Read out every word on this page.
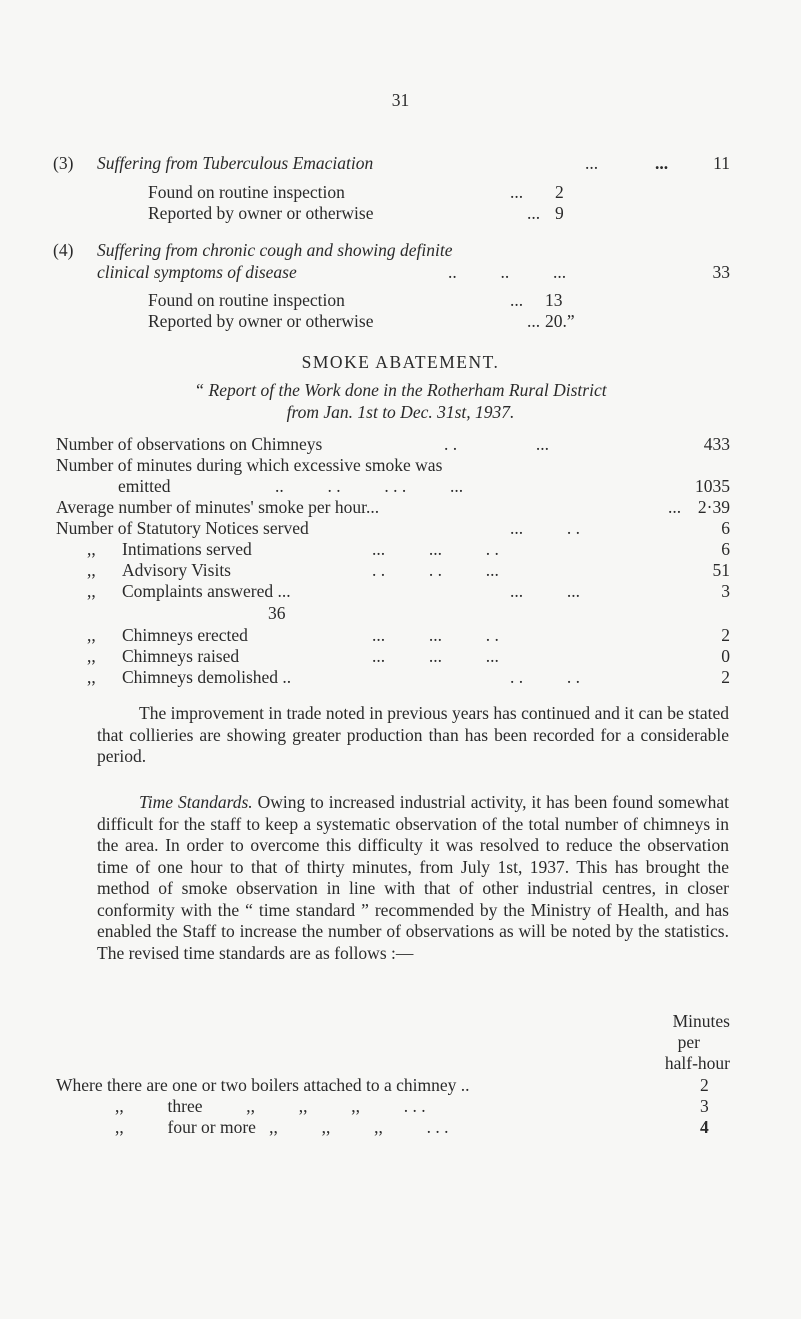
31
(3) Suffering from Tuberculous Emaciation	...	...	11
Found on routine inspection	... 2
Reported by owner or otherwise	... 9
(4) Suffering from chronic cough and showing definite
clinical symptoms of disease	..          ..          ...	33
Found on routine inspection	... 13
Reported by owner or otherwise	... 20.”
SMOKE ABATEMENT.
“ Report of the Work done in the Rotherham Rural District
from Jan. 1st to Dec. 31st, 1937.
Number of observations on Chimneys	. .                  ...	433
Number of minutes during which excessive smoke was
emitted	..          . .          . . .          ...	1035
Average number of minutes' smoke per hour...	... 2·39
Number of Statutory Notices served	...          . .	6
,, Intimations served	...          ...          . .	6
,, Advisory Visits	. .          . .          ...	51
,, Complaints answered ...	...          ...	3
36
,, Chimneys erected	...          ...          . .	2
,, Chimneys raised	...          ...          ...	0
,, Chimneys demolished ..	. .          . .	2

The improvement in trade noted in previous years has continued and it can be stated that collieries are showing greater production than has been recorded for a considerable period.

Time Standards. Owing to increased industrial activity, it has been found somewhat difficult for the staff to keep a systematic observation of the total number of chimneys in the area. In order to overcome this difficulty it was resolved to reduce the observation time of one hour to that of thirty minutes, from July 1st, 1937. This has brought the method of smoke observation in line with that of other industrial centres, in closer conformity with the “ time standard ” recommended by the Ministry of Health, and has enabled the Staff to increase the number of observations as will be noted by the statistics. The revised time standards are as follows :—

Minutes
per
half-hour
Where there are one or two boilers attached to a chimney ..	2
,,          three          ,,          ,,          ,,          . . .	3
,,          four or more   ,,          ,,          ,,          . . .	4
